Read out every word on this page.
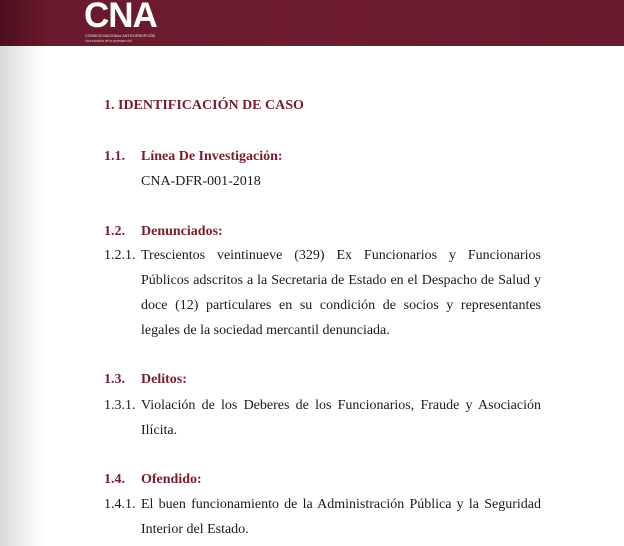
CNA
CONSEJO NACIONAL ANTICORRUPCIÓN
Una iniciativa de la sociedad civil
1. IDENTIFICACIÓN DE CASO
1.1. Línea De Investigación:
CNA-DFR-001-2018
1.2. Denunciados:
1.2.1. Trescientos veintinueve (329) Ex Funcionarios y Funcionarios Públicos adscritos a la Secretaria de Estado en el Despacho de Salud y doce (12) particulares en su condición de socios y representantes legales de la sociedad mercantil denunciada.
1.3. Delitos:
1.3.1. Violación de los Deberes de los Funcionarios, Fraude y Asociación Ilícita.
1.4. Ofendido:
1.4.1. El buen funcionamiento de la Administración Pública y la Seguridad Interior del Estado.
